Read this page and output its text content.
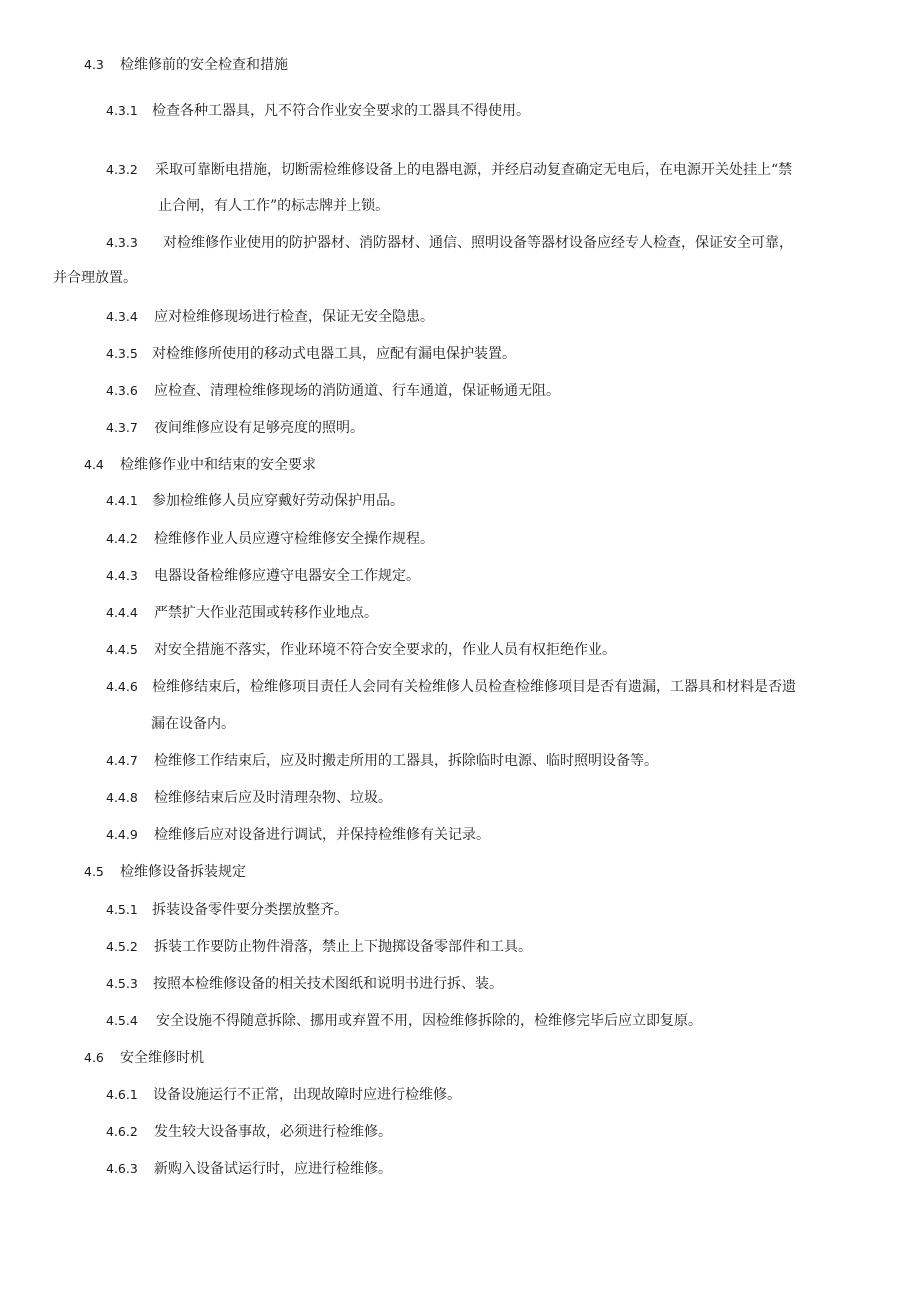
4.3 检维修前的安全检查和措施
4.3.1 检查各种工器具，凡不符合作业安全要求的工器具不得使用。
4.3.2 采取可靠断电措施，切断需检维修设备上的电器电源，并经启动复查确定无电后，在电源开关处挂上“禁
止合闸，有人工作”的标志牌并上锁。
4.3.3 对检维修作业使用的防护器材、消防器材、通信、照明设备等器材设备应经专人检查，保证安全可靠，
并合理放置。
4.3.4 应对检维修现场进行检查，保证无安全隐患。
4.3.5 对检维修所使用的移动式电器工具，应配有漏电保护装置。
4.3.6 应检查、清理检维修现场的消防通道、行车通道，保证畅通无阻。
4.3.7 夜间维修应设有足够亮度的照明。
4.4 检维修作业中和结束的安全要求
4.4.1 参加检维修人员应穿戴好劳动保护用品。
4.4.2 检维修作业人员应遵守检维修安全操作规程。
4.4.3 电器设备检维修应遵守电器安全工作规定。
4.4.4 严禁扩大作业范围或转移作业地点。
4.4.5 对安全措施不落实，作业环境不符合安全要求的，作业人员有权拒绝作业。
4.4.6 检维修结束后，检维修项目责任人会同有关检维修人员检查检维修项目是否有遗漏，工器具和材料是否遗
漏在设备内。
4.4.7 检维修工作结束后，应及时搬走所用的工器具，拆除临时电源、临时照明设备等。
4.4.8 检维修结束后应及时清理杂物、垃圾。
4.4.9 检维修后应对设备进行调试，并保持检维修有关记录。
4.5 检维修设备拆装规定
4.5.1 拆装设备零件要分类摆放整齐。
4.5.2 拆装工作要防止物件滑落，禁止上下抛掷设备零部件和工具。
4.5.3 按照本检维修设备的相关技术图纸和说明书进行拆、装。
4.5.4 安全设施不得随意拆除、挪用或弃置不用，因检维修拆除的，检维修完毕后应立即复原。
4.6 安全维修时机
4.6.1 设备设施运行不正常，出现故障时应进行检维修。
4.6.2 发生较大设备事故，必须进行检维修。
4.6.3 新购入设备试运行时，应进行检维修。
